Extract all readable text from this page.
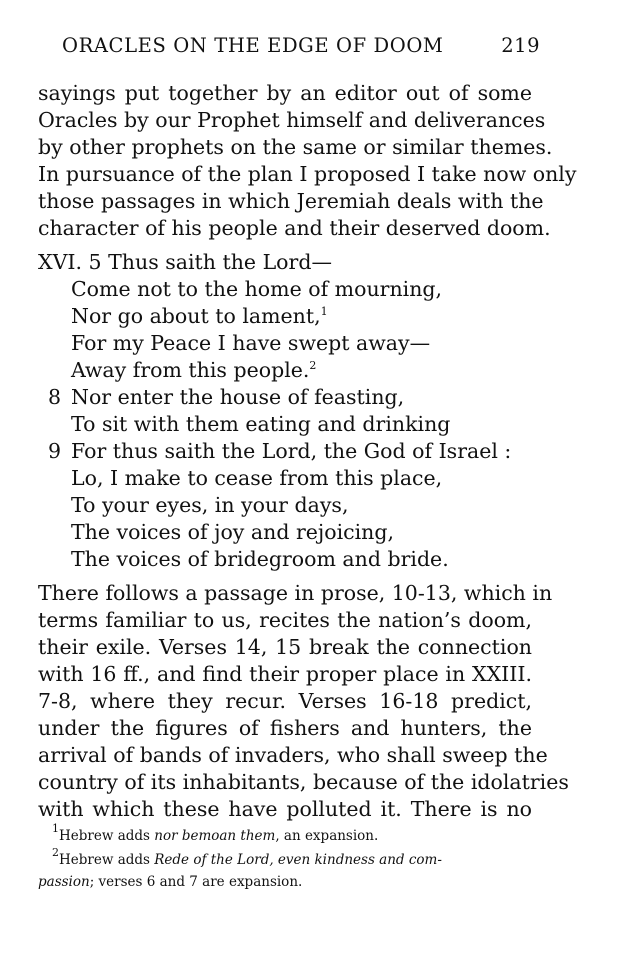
ORACLES ON THE EDGE OF DOOM	219
sayings put together by an editor out of some
Oracles by our Prophet himself and deliverances
by other prophets on the same or similar themes.
In pursuance of the plan I proposed I take now only
those passages in which Jeremiah deals with the
character of his people and their deserved doom.
XVI. 5 Thus saith the Lord—
Come not to the home of mourning,
Nor go about to lament,$^1$
For my Peace I have swept away—
Away from this people.$^2$
8 Nor enter the house of feasting,
To sit with them eating and drinking
9 For thus saith the Lord, the God of Israel :
Lo, I make to cease from this place,
To your eyes, in your days,
The voices of joy and rejoicing,
The voices of bridegroom and bride.
There follows a passage in prose, 10-13, which in
terms familiar to us, recites the nation’s doom,
their exile. Verses 14, 15 break the connection
with 16 ff., and find their proper place in XXIII.
7-8, where they recur. Verses 16-18 predict,
under the figures of fishers and hunters, the
arrival of bands of invaders, who shall sweep the
country of its inhabitants, because of the idolatries
with which these have polluted it. There is no
$^1$Hebrew adds nor bemoan them, an expansion.
$^2$Hebrew adds Rede of the Lord, even kindness and com-
passion; verses 6 and 7 are expansion.
